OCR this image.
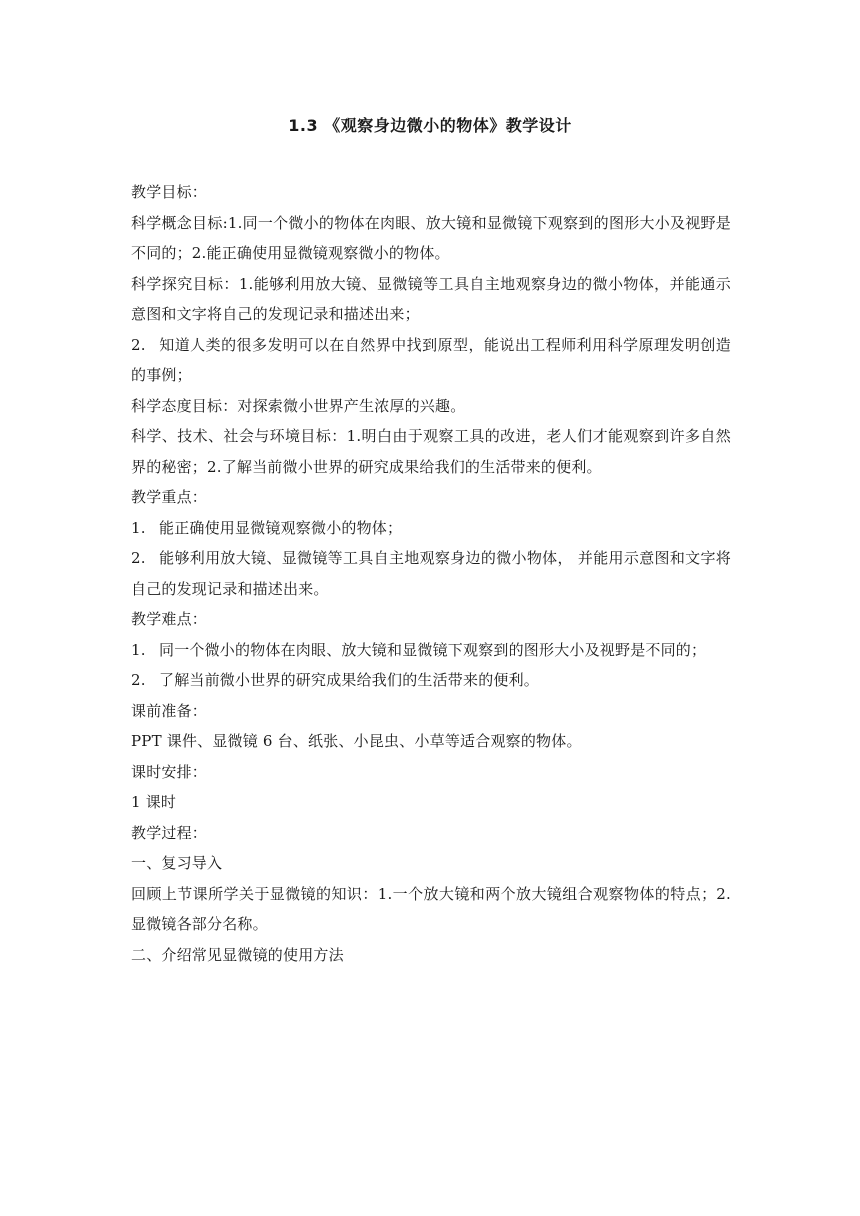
1.3 《观察身边微小的物体》教学设计

教学目标：

科学概念目标:1.同一个微小的物体在肉眼、放大镜和显微镜下观察到的图形大小及视野是不同的；2.能正确使用显微镜观察微小的物体。

科学探究目标：1.能够利用放大镜、显微镜等工具自主地观察身边的微小物体，并能通示意图和文字将自己的发现记录和描述出来；

2. 知道人类的很多发明可以在自然界中找到原型，能说出工程师利用科学原理发明创造的事例；

科学态度目标：对探索微小世界产生浓厚的兴趣。

科学、技术、社会与环境目标：1.明白由于观察工具的改进，老人们才能观察到许多自然界的秘密；2.了解当前微小世界的研究成果给我们的生活带来的便利。

教学重点：

1. 能正确使用显微镜观察微小的物体；

2. 能够利用放大镜、显微镜等工具自主地观察身边的微小物体， 并能用示意图和文字将自己的发现记录和描述出来。

教学难点：

1. 同一个微小的物体在肉眼、放大镜和显微镜下观察到的图形大小及视野是不同的；

2. 了解当前微小世界的研究成果给我们的生活带来的便利。

课前准备：

PPT 课件、显微镜 6 台、纸张、小昆虫、小草等适合观察的物体。

课时安排：

1 课时

教学过程：

一、复习导入

回顾上节课所学关于显微镜的知识：1.一个放大镜和两个放大镜组合观察物体的特点；2.显微镜各部分名称。

二、介绍常见显微镜的使用方法
